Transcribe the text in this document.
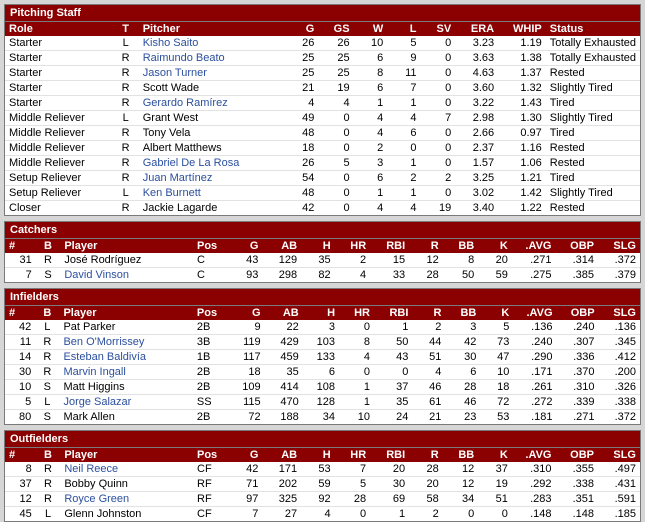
Pitching Staff
Role	T	Pitcher	G	GS	W	L	SV	ERA	WHIP	Status
Starter	L	Kisho Saito	26	26	10	5	0	3.23	1.19	Totally Exhausted
Starter	R	Raimundo Beato	25	25	6	9	0	3.63	1.38	Totally Exhausted
Starter	R	Jason Turner	25	25	8	11	0	4.63	1.37	Rested
Starter	R	Scott Wade	21	19	6	7	0	3.60	1.32	Slightly Tired
Starter	R	Gerardo Ramírez	4	4	1	1	0	3.22	1.43	Tired
Middle Reliever	L	Grant West	49	0	4	4	7	2.98	1.30	Slightly Tired
Middle Reliever	R	Tony Vela	48	0	4	6	0	2.66	0.97	Tired
Middle Reliever	R	Albert Matthews	18	0	2	0	0	2.37	1.16	Rested
Middle Reliever	R	Gabriel De La Rosa	26	5	3	1	0	1.57	1.06	Rested
Setup Reliever	R	Juan Martínez	54	0	6	2	2	3.25	1.21	Tired
Setup Reliever	L	Ken Burnett	48	0	1	1	0	3.02	1.42	Slightly Tired
Closer	R	Jackie Lagarde	42	0	4	4	19	3.40	1.22	Rested
Catchers
#	B	Player	Pos	G	AB	H	HR	RBI	R	BB	K	.AVG	OBP	SLG
31	R	José Rodríguez	C	43	129	35	2	15	12	8	20	.271	.314	.372
7	S	David Vinson	C	93	298	82	4	33	28	50	59	.275	.385	.379
Infielders
#	B	Player	Pos	G	AB	H	HR	RBI	R	BB	K	.AVG	OBP	SLG
42	L	Pat Parker	2B	9	22	3	0	1	2	3	5	.136	.240	.136
11	R	Ben O'Morrissey	3B	119	429	103	8	50	44	42	73	.240	.307	.345
14	R	Esteban Baldivía	1B	117	459	133	4	43	51	30	47	.290	.336	.412
30	R	Marvin Ingall	2B	18	35	6	0	0	4	6	10	.171	.370	.200
10	S	Matt Higgins	2B	109	414	108	1	37	46	28	18	.261	.310	.326
5	L	Jorge Salazar	SS	115	470	128	1	35	61	46	72	.272	.339	.338
80	S	Mark Allen	2B	72	188	34	10	24	21	23	53	.181	.271	.372
Outfielders
#	B	Player	Pos	G	AB	H	HR	RBI	R	BB	K	.AVG	OBP	SLG
8	R	Neil Reece	CF	42	171	53	7	20	28	12	37	.310	.355	.497
37	R	Bobby Quinn	RF	71	202	59	5	30	20	12	19	.292	.338	.431
12	R	Royce Green	RF	97	325	92	28	69	58	34	51	.283	.351	.591
45	L	Glenn Johnston	CF	7	27	4	0	1	2	0	0	.148	.148	.185
